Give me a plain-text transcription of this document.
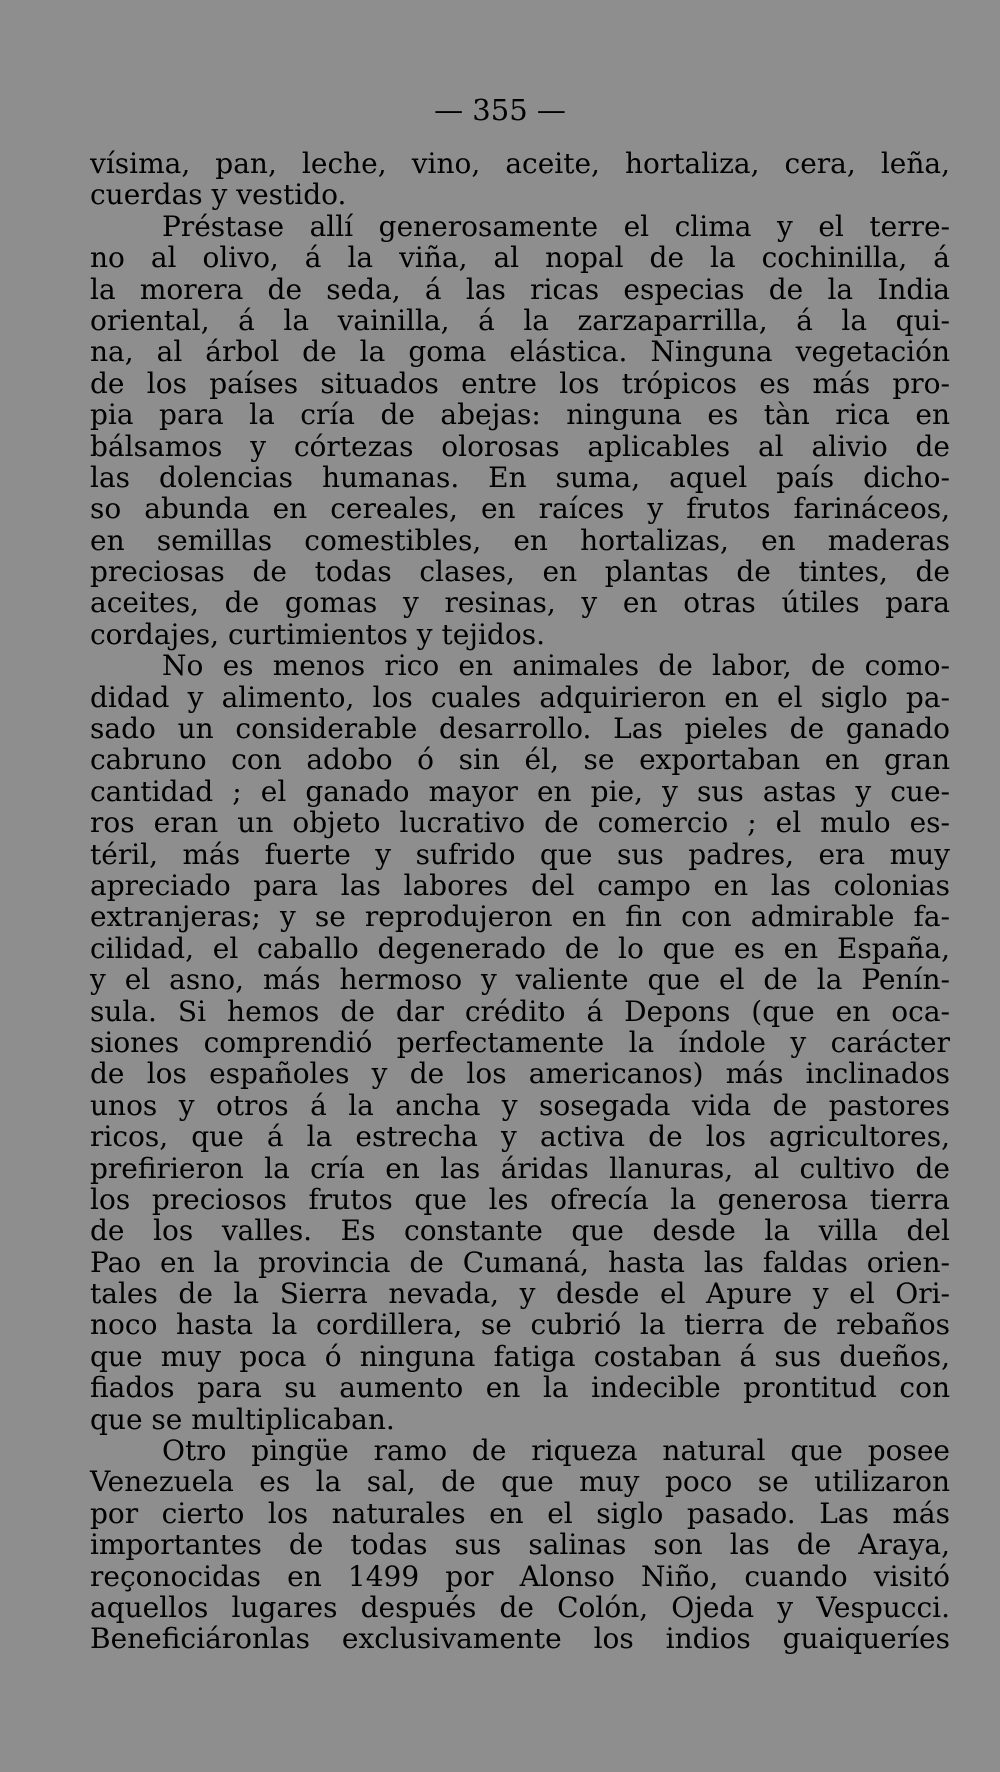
— 355 —
vísima, pan, leche, vino, aceite, hortaliza, cera, leña,
cuerdas y vestido.
Préstase allí generosamente el clima y el terre-
no al olivo, á la viña, al nopal de la cochinilla, á
la morera de seda, á las ricas especias de la India
oriental, á la vainilla, á la zarzaparrilla, á la qui-
na, al árbol de la goma elástica. Ninguna vegetación
de los países situados entre los trópicos es más pro-
pia para la cría de abejas: ninguna es tàn rica en
bálsamos y córtezas olorosas aplicables al alivio de
las dolencias humanas. En suma, aquel país dicho-
so abunda en cereales, en raíces y frutos farináceos,
en semillas comestibles, en hortalizas, en maderas
preciosas de todas clases, en plantas de tintes, de
aceites, de gomas y resinas, y en otras útiles para
cordajes, curtimientos y tejidos.
No es menos rico en animales de labor, de como-
didad y alimento, los cuales adquirieron en el siglo pa-
sado un considerable desarrollo. Las pieles de ganado
cabruno con adobo ó sin él, se exportaban en gran
cantidad ; el ganado mayor en pie, y sus astas y cue-
ros eran un objeto lucrativo de comercio ; el mulo es-
téril, más fuerte y sufrido que sus padres, era muy
apreciado para las labores del campo en las colonias
extranjeras; y se reprodujeron en fin con admirable fa-
cilidad, el caballo degenerado de lo que es en España,
y el asno, más hermoso y valiente que el de la Penín-
sula. Si hemos de dar crédito á Depons (que en oca-
siones comprendió perfectamente la índole y carácter
de los españoles y de los americanos) más inclinados
unos y otros á la ancha y sosegada vida de pastores
ricos, que á la estrecha y activa de los agricultores,
prefirieron la cría en las áridas llanuras, al cultivo de
los preciosos frutos que les ofrecía la generosa tierra
de los valles. Es constante que desde la villa del
Pao en la provincia de Cumaná, hasta las faldas orien-
tales de la Sierra nevada, y desde el Apure y el Ori-
noco hasta la cordillera, se cubrió la tierra de rebaños
que muy poca ó ninguna fatiga costaban á sus dueños,
fiados para su aumento en la indecible prontitud con
que se multiplicaban.
Otro pingüe ramo de riqueza natural que posee
Venezuela es la sal, de que muy poco se utilizaron
por cierto los naturales en el siglo pasado. Las más
importantes de todas sus salinas son las de Araya,
reçonocidas en 1499 por Alonso Niño, cuando visitó
aquellos lugares después de Colón, Ojeda y Vespucci.
Beneficiáronlas exclusivamente los indios guaiqueríes
